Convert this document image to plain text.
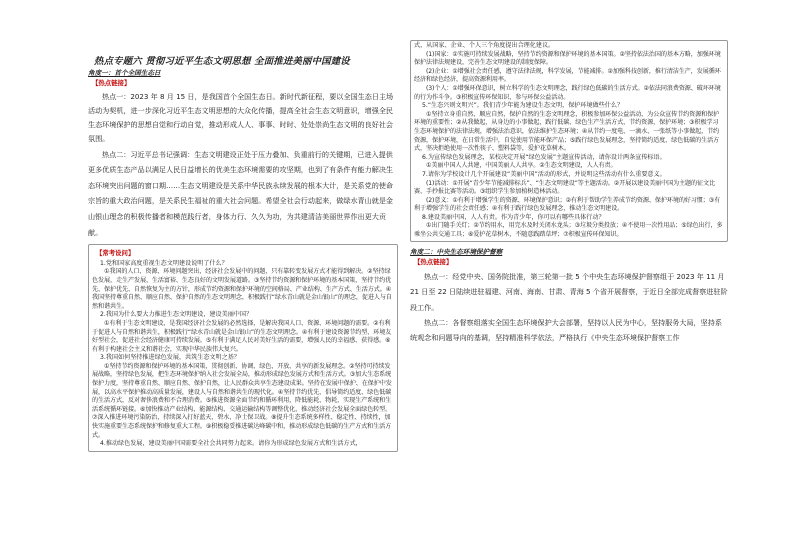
热点专题六 贯彻习近平生态文明思想 全面推进美丽中国建设
角度一：首个全国生态日
【热点链接】

热点一：2023 年 8 月 15 日，是我国首个全国生态日。新时代新征程，要以全国生态日主场活动为契机，进一步深化习近平生态文明思想的大众化传播，提高全社会生态文明意识，增强全民生态环境保护的思想自觉和行动自觉，推动形成人人、事事、时时、处处崇尚生态文明的良好社会氛围。

热点二：习近平总书记强调：生态文明建设正处于压力叠加、负重前行的关键期，已进入提供更多优质生态产品以满足人民日益增长的优美生态环境需要的攻坚期，也到了有条件有能力解决生态环境突出问题的窗口期……生态文明建设是关系中华民族永续发展的根本大计，是关系党的使命宗旨的重大政治问题，是关系民生福祉的重大社会问题。希望全社会行动起来，做绿水青山就是金山银山理念的积极传播者和模范践行者，身体力行、久久为功，为共建清洁美丽世界作出更大贡献。

【常考设问】

1.党和国家高度重视生态文明建设说明了什么？

①我国的人口、资源、环境问题突出，经济社会发展中的问题，只有靠转变发展方式才能得到解决。②坚持绿色发展，走生产发展、生活富裕、生态良好的文明发展道路。③坚持节约资源和保护环境的基本国策，坚持节约优先、保护优先、自然恢复为主的方针，形成节约资源和保护环境的空间格局、产业结构、生产方式、生活方式。④我国坚持尊重自然、顺应自然、保护自然的生态文明理念，积极践行“绿水青山就是金山银山”的理念，促进人与自然和谐共生。

2.我国为什么要大力推进生态文明建设，建设美丽中国？

①有利于生态文明建设，是我国经济社会发展的必然选择，是解决我国人口、资源、环境问题的需要。②有利于促进人与自然和谐共生，积极践行“绿水青山就是金山银山”的生态文明理念。④有利于建设资源节约型、环境友好型社会，促进社会经济健康可持续发展。⑤有利于满足人民对美好生活的需要，增强人民的幸福感、获得感。⑥有利于构建社会主义和谐社会，实现中华民族伟大复兴。

3.我国如何坚持推进绿色发展，共筑生态文明之基？

①坚持节约资源和保护环境的基本国策，贯彻创新、协调、绿色、开放、共享的新发展理念。②坚持可持续发展战略，坚持绿色发展，把生态环境保护纳入社会发展全局，推动形成绿色发展方式和生活方式。③加大生态系统保护力度，坚持尊重自然、顺应自然、保护自然，让人民群众共享生态建设成果。坚持在发展中保护、在保护中发展，以高水平保护推动高质量发展，建设人与自然和谐共生的现代化。④坚持节约优先，倡导简约适度、绿色低碳的生活方式，反对奢侈浪费和不合理消费。⑤推进资源全面节约和循环利用，降低能耗、物耗，实现生产系统和生活系统循环链接。⑥加快推动产业结构、能源结构、交通运输结构等调整优化，推动经济社会发展全面绿色转型。⑦深入推进环境污染防治，持续深入打好蓝天、碧水、净土保卫战。⑧提升生态系统多样性、稳定性、持续性，加快实施重要生态系统保护和修复重大工程。⑨积极稳妥推进碳达峰碳中和，推动形成绿色低碳的生产方式和生活方式。

4.推动绿色发展，建设美丽中国需要全社会共同努力起来。请你为形成绿色发展方式和生活方式，

式，从国家、企业、个人三个角度提出合理化建议。

(1)国家：①实施可持续发展战略，坚持节约资源和保护环境的基本国策。②坚持依法治国的基本方略，加强环境保护法律法规建设，完善生态文明建设的制度保障。

(2)企业：①增强社会责任感，遵守法律法规，科学发展，节能减排。②加强科技创新，推行清洁生产，发展循环经济和绿色经济，提高资源利用率。

(3)个人：①增强环保意识，树立科学的生态文明理念，践行绿色低碳的生活方式。②依法同浪费资源、破坏环境的行为作斗争。③积极宣传环保知识，参与环保公益活动。

5.“生态兴则文明兴”。我们青少年能为建设生态文明，保护环境做些什么？

①坚持立身重自然、顺应自然，保护自然的生态文明理念，积极参加环保公益活动，为公众宣传节约资源和保护环境的重要性；②从我做起，从身边的小事做起，践行低碳、绿色生产生活方式，节约资源，保护环境；③积极学习生态环境保护的法律法规，增强法治意识，依法维护生态环境；④从节约一度电、一滴水、一张纸等小事做起，节约资源，保护环境，在日常生活中，自觉使用节能环保产品；⑤践行绿色发展理念，坚持简约适度、绿色低碳的生活方式，坚决拒绝使用一次性筷子、塑料袋等，爱护花草树木。

6.为宣传绿色发展理念，某校决定开展“绿色发展”主题宣传活动，请你设计两条宣传标语。

①美丽中国人人共建，中国美丽人人共享。②生态文明建设，人人有责。

7.请你为学校设计几个开展建设“美丽中国”活动的形式，并说明这些活动有什么重要意义。

(1)活动：①开展“青少年节能减排标兵”、“生态文明建设”等主题活动。②开展以建设美丽中国为主题的征文比赛、手抄报比赛等活动。③组织学生参加植树造林活动。

(2)意义：①有利于增强学生的资源、环境保护意识；②有利于帮助学生养成节约资源、保护环境的好习惯；③有利于增强学生的社会责任感；④有利于践行绿色发展理念，推动生态文明建设。

8.建设美丽中国，人人有责。作为青少年，你可以有哪些具体行动？

①出门随手关灯；②节约用水，用完水及时关闭水龙头；③垃圾分类投放；④不使用一次性用品；⑤绿色出行，多乘坐公共交通工具；⑥爱护花草树木，不随意践踏草坪；⑦积极宣传环保知识。

角度二：中央生态环境保护督察
【热点链接】

热点一：经党中央、国务院批准，第三轮第一批 5 个中央生态环境保护督察组于 2023 年 11 月 21 日至 22 日陆续进驻福建、河南、海南、甘肃、青海 5 个省开展督察，于近日全部完成督察进驻阶段工作。

热点二：各督察组落实全国生态环境保护大会部署，坚持以人民为中心，坚持服务大局，坚持系统观念和问题导向的基调，坚持精准科学依法，严格执行《中央生态环境保护督察工作
